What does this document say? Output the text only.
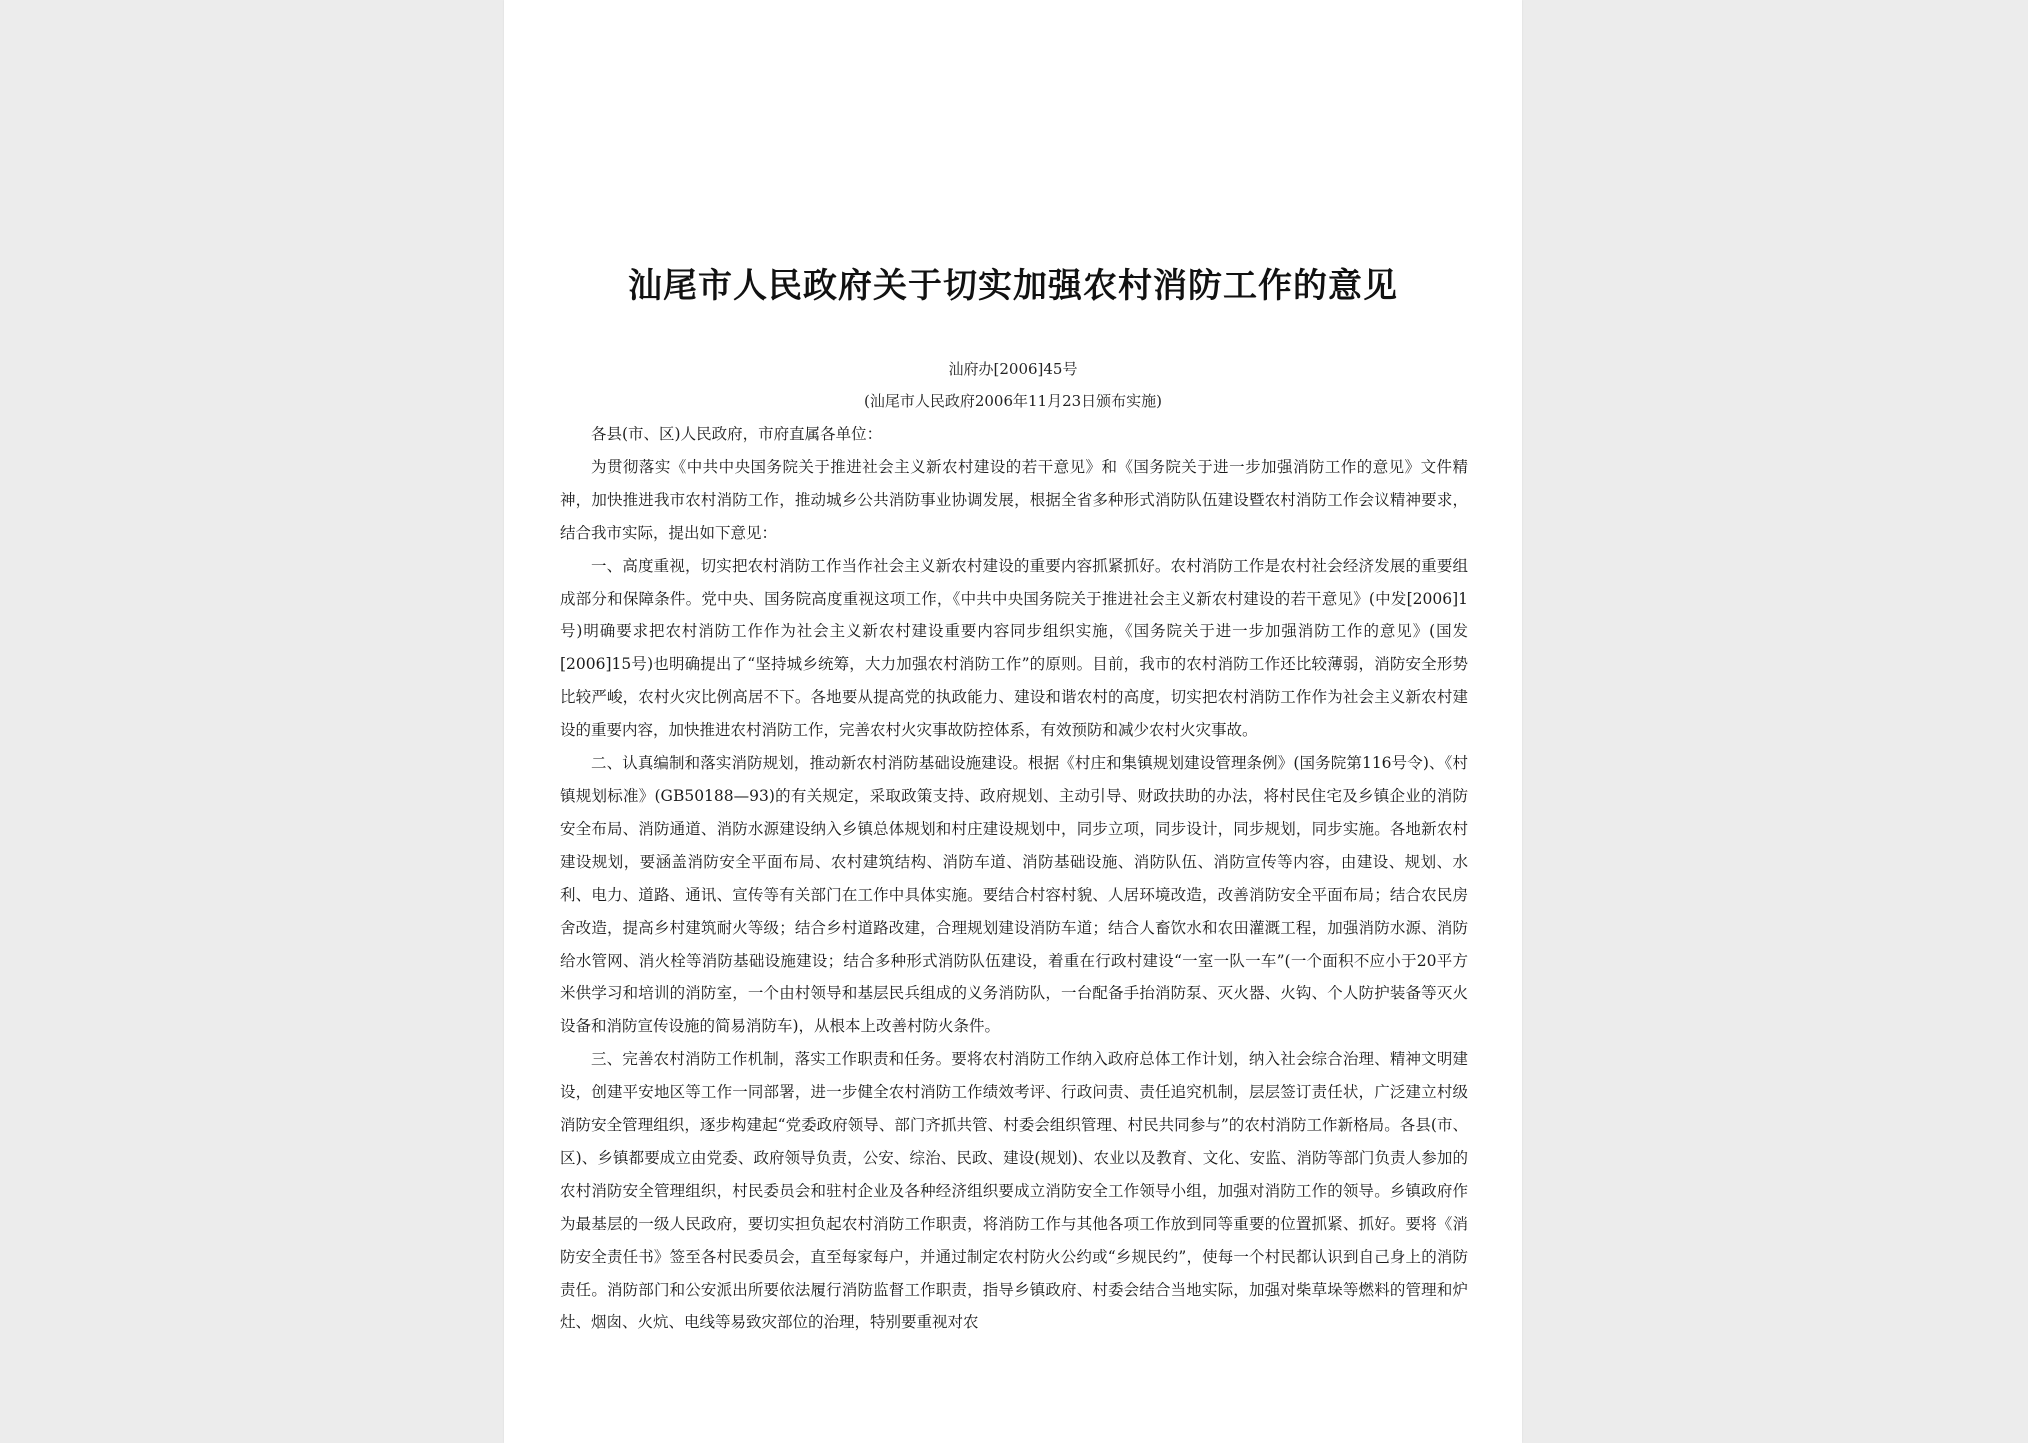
汕尾市人民政府关于切实加强农村消防工作的意见
汕府办[2006]45号
(汕尾市人民政府2006年11月23日颁布实施)

各县(市、区)人民政府，市府直属各单位：

为贯彻落实《中共中央国务院关于推进社会主义新农村建设的若干意见》和《国务院关于进一步加强消防工作的意见》文件精神，加快推进我市农村消防工作，推动城乡公共消防事业协调发展，根据全省多种形式消防队伍建设暨农村消防工作会议精神要求，结合我市实际，提出如下意见：

一、高度重视，切实把农村消防工作当作社会主义新农村建设的重要内容抓紧抓好。农村消防工作是农村社会经济发展的重要组成部分和保障条件。党中央、国务院高度重视这项工作，《中共中央国务院关于推进社会主义新农村建设的若干意见》(中发[2006]1号)明确要求把农村消防工作作为社会主义新农村建设重要内容同步组织实施，《国务院关于进一步加强消防工作的意见》(国发[2006]15号)也明确提出了“坚持城乡统筹，大力加强农村消防工作”的原则。目前，我市的农村消防工作还比较薄弱，消防安全形势比较严峻，农村火灾比例高居不下。各地要从提高党的执政能力、建设和谐农村的高度，切实把农村消防工作作为社会主义新农村建设的重要内容，加快推进农村消防工作，完善农村火灾事故防控体系，有效预防和减少农村火灾事故。

二、认真编制和落实消防规划，推动新农村消防基础设施建设。根据《村庄和集镇规划建设管理条例》(国务院第116号令)、《村镇规划标准》(GB50188—93)的有关规定，采取政策支持、政府规划、主动引导、财政扶助的办法，将村民住宅及乡镇企业的消防安全布局、消防通道、消防水源建设纳入乡镇总体规划和村庄建设规划中，同步立项，同步设计，同步规划，同步实施。各地新农村建设规划，要涵盖消防安全平面布局、农村建筑结构、消防车道、消防基础设施、消防队伍、消防宣传等内容，由建设、规划、水利、电力、道路、通讯、宣传等有关部门在工作中具体实施。要结合村容村貌、人居环境改造，改善消防安全平面布局；结合农民房舍改造，提高乡村建筑耐火等级；结合乡村道路改建，合理规划建设消防车道；结合人畜饮水和农田灌溉工程，加强消防水源、消防给水管网、消火栓等消防基础设施建设；结合多种形式消防队伍建设，着重在行政村建设“一室一队一车”(一个面积不应小于20平方米供学习和培训的消防室，一个由村领导和基层民兵组成的义务消防队，一台配备手抬消防泵、灭火器、火钩、个人防护装备等灭火设备和消防宣传设施的简易消防车)，从根本上改善村防火条件。

三、完善农村消防工作机制，落实工作职责和任务。要将农村消防工作纳入政府总体工作计划，纳入社会综合治理、精神文明建设，创建平安地区等工作一同部署，进一步健全农村消防工作绩效考评、行政问责、责任追究机制，层层签订责任状，广泛建立村级消防安全管理组织，逐步构建起“党委政府领导、部门齐抓共管、村委会组织管理、村民共同参与”的农村消防工作新格局。各县(市、区)、乡镇都要成立由党委、政府领导负责，公安、综治、民政、建设(规划)、农业以及教育、文化、安监、消防等部门负责人参加的农村消防安全管理组织，村民委员会和驻村企业及各种经济组织要成立消防安全工作领导小组，加强对消防工作的领导。乡镇政府作为最基层的一级人民政府，要切实担负起农村消防工作职责，将消防工作与其他各项工作放到同等重要的位置抓紧、抓好。要将《消防安全责任书》签至各村民委员会，直至每家每户，并通过制定农村防火公约或“乡规民约”，使每一个村民都认识到自己身上的消防责任。消防部门和公安派出所要依法履行消防监督工作职责，指导乡镇政府、村委会结合当地实际，加强对柴草垛等燃料的管理和炉灶、烟囱、火炕、电线等易致灾部位的治理，特别要重视对农
